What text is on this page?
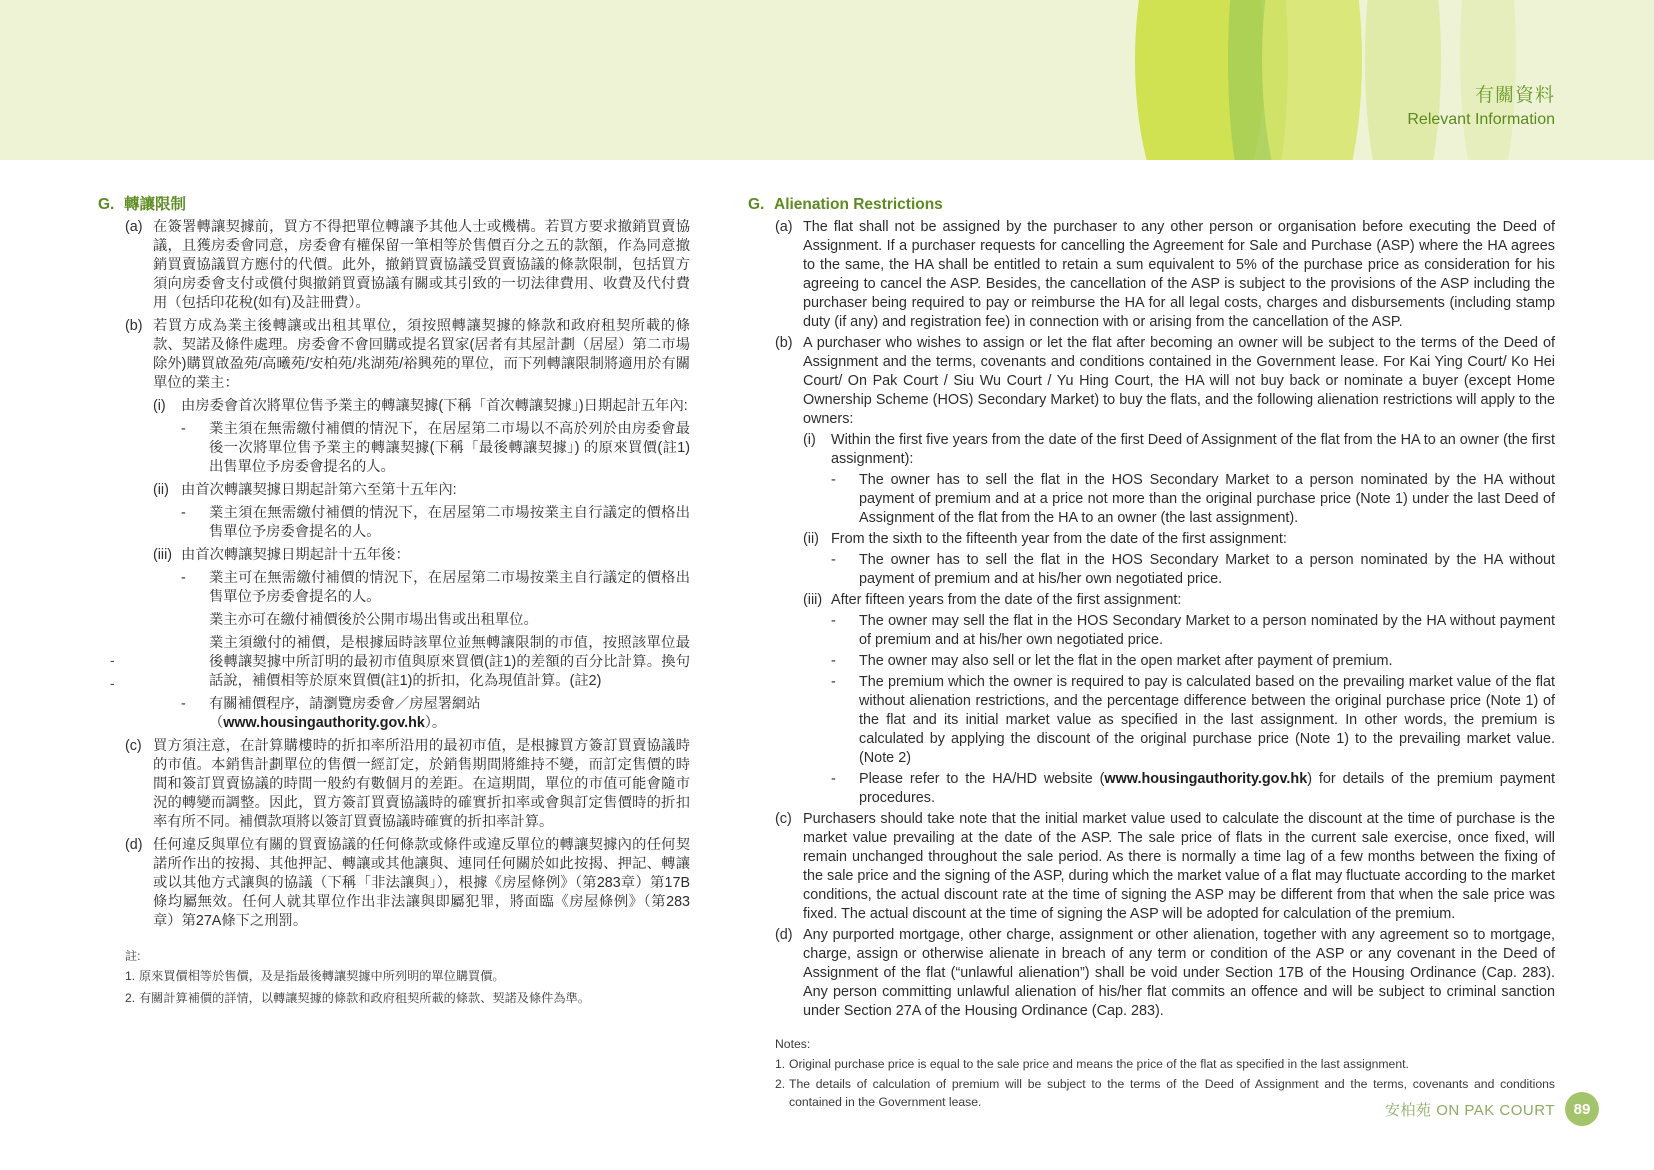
有關資料
Relevant Information
G. 轉讓限制
(a) 在簽署轉讓契據前，買方不得把單位轉讓予其他人士或機構。若買方要求撤銷買賣協議，且獲房委會同意，房委會有權保留一筆相等於售價百分之五的款額，作為同意撤銷買賣協議買方應付的代價。此外，撤銷買賣協議受買賣協議的條款限制，包括買方須向房委會支付或償付與撤銷買賣協議有關或其引致的一切法律費用、收費及代付費用（包括印花稅(如有)及註冊費）。
(b) 若買方成為業主後轉讓或出租其單位，須按照轉讓契據的條款和政府租契所載的條款、契諾及條件處理。房委會不會回購或提名買家(居者有其屋計劃（居屋）第二市場除外)購買啟盈苑/高曦苑/安柏苑/兆湖苑/裕興苑的單位，而下列轉讓限制將適用於有關單位的業主：
(i)	由房委會首次將單位售予業主的轉讓契據(下稱「首次轉讓契據」)日期起計五年內:
-	業主須在無需繳付補價的情況下，在居屋第二市場以不高於列於由房委會最後一次將單位售予業主的轉讓契據(下稱「最後轉讓契據」) 的原來買價(註1)出售單位予房委會提名的人。
(ii) 由首次轉讓契據日期起計第六至第十五年內:
-	業主須在無需繳付補價的情況下，在居屋第二市場按業主自行議定的價格出售單位予房委會提名的人。
(iii) 由首次轉讓契據日期起計十五年後：
-	業主可在無需繳付補價的情況下，在居屋第二市場按業主自行議定的價格出售單位予房委會提名的人。
業主亦可在繳付補價後於公開市場出售或出租單位。
業主須繳付的補價，是根據屆時該單位並無轉讓限制的市值，按照該單位最後轉讓契據中所訂明的最初市值與原來買價(註1)的差額的百分比計算。換句話說，補價相等於原來買價(註1)的折扣，化為現值計算。(註2)
-	有關補價程序，請瀏覽房委會／房屋署網站
（www.housingauthority.gov.hk）。
(c) 買方須注意，在計算購樓時的折扣率所沿用的最初市值，是根據買方簽訂買賣協議時的市值。本銷售計劃單位的售價一經訂定，於銷售期間將維持不變，而訂定售價的時間和簽訂買賣協議的時間一般約有數個月的差距。在這期間，單位的市值可能會隨市況的轉變而調整。因此，買方簽訂買賣協議時的確實折扣率或會與訂定售價時的折扣率有所不同。補價款項將以簽訂買賣協議時確實的折扣率計算。
(d) 任何違反與單位有關的買賣協議的任何條款或條件或違反單位的轉讓契據內的任何契諾所作出的按揭、其他押記、轉讓或其他讓與、連同任何關於如此按揭、押記、轉讓或以其他方式讓與的協議（下稱「非法讓與」），根據《房屋條例》（第283章）第17B條均屬無效。任何人就其單位作出非法讓與即屬犯罪，將面臨《房屋條例》（第283章）第27A條下之刑罰。
註:
1. 原來買價相等於售價，及是指最後轉讓契據中所列明的單位購買價。
2. 有關計算補價的詳情，以轉讓契據的條款和政府租契所載的條款、契諾及條件為準。
-
-
G. Alienation Restrictions
(a) The flat shall not be assigned by the purchaser to any other person or organisation before executing the Deed of Assignment. If a purchaser requests for cancelling the Agreement for Sale and Purchase (ASP) where the HA agrees to the same, the HA shall be entitled to retain a sum equivalent to 5% of the purchase price as consideration for his agreeing to cancel the ASP. Besides, the cancellation of the ASP is subject to the provisions of the ASP including the purchaser being required to pay or reimburse the HA for all legal costs, charges and disbursements (including stamp duty (if any) and registration fee) in connection with or arising from the cancellation of the ASP.
(b) A purchaser who wishes to assign or let the flat after becoming an owner will be subject to the terms of the Deed of Assignment and the terms, covenants and conditions contained in the Government lease. For Kai Ying Court/ Ko Hei Court/ On Pak Court / Siu Wu Court / Yu Hing Court, the HA will not buy back or nominate a buyer (except Home Ownership Scheme (HOS) Secondary Market) to buy the flats, and the following alienation restrictions will apply to the owners:
(i)	Within the first five years from the date of the first Deed of Assignment of the flat from the HA to an owner (the first assignment):
-	The owner has to sell the flat in the HOS Secondary Market to a person nominated by the HA without payment of premium and at a price not more than the original purchase price (Note 1) under the last Deed of Assignment of the flat from the HA to an owner (the last assignment).
(ii) From the sixth to the fifteenth year from the date of the first assignment:
-	The owner has to sell the flat in the HOS Secondary Market to a person nominated by the HA without payment of premium and at his/her own negotiated price.
(iii) After fifteen years from the date of the first assignment:
-	The owner may sell the flat in the HOS Secondary Market to a person nominated by the HA without payment of premium and at his/her own negotiated price.
-	The owner may also sell or let the flat in the open market after payment of premium.
-	The premium which the owner is required to pay is calculated based on the prevailing market value of the flat without alienation restrictions, and the percentage difference between the original purchase price (Note 1) of the flat and its initial market value as specified in the last assignment. In other words, the premium is calculated by applying the discount of the original purchase price (Note 1) to the prevailing market value. (Note 2)
-	Please refer to the HA/HD website (www.housingauthority.gov.hk) for details of the premium payment procedures.
(c) Purchasers should take note that the initial market value used to calculate the discount at the time of purchase is the market value prevailing at the date of the ASP. The sale price of flats in the current sale exercise, once fixed, will remain unchanged throughout the sale period. As there is normally a time lag of a few months between the fixing of the sale price and the signing of the ASP, during which the market value of a flat may fluctuate according to the market conditions, the actual discount rate at the time of signing the ASP may be different from that when the sale price was fixed. The actual discount at the time of signing the ASP will be adopted for calculation of the premium.
(d) Any purported mortgage, other charge, assignment or other alienation, together with any agreement so to mortgage, charge, assign or otherwise alienate in breach of any term or condition of the ASP or any covenant in the Deed of Assignment of the flat (“unlawful alienation”) shall be void under Section 17B of the Housing Ordinance (Cap. 283). Any person committing unlawful alienation of his/her flat commits an offence and will be subject to criminal sanction under Section 27A of the Housing Ordinance (Cap. 283).
Notes:
1. Original purchase price is equal to the sale price and means the price of the flat as specified in the last assignment.
2. The details of calculation of premium will be subject to the terms of the Deed of Assignment and the terms, covenants and conditions contained in the Government lease.	安柏苑 ON PAK COURT	89
